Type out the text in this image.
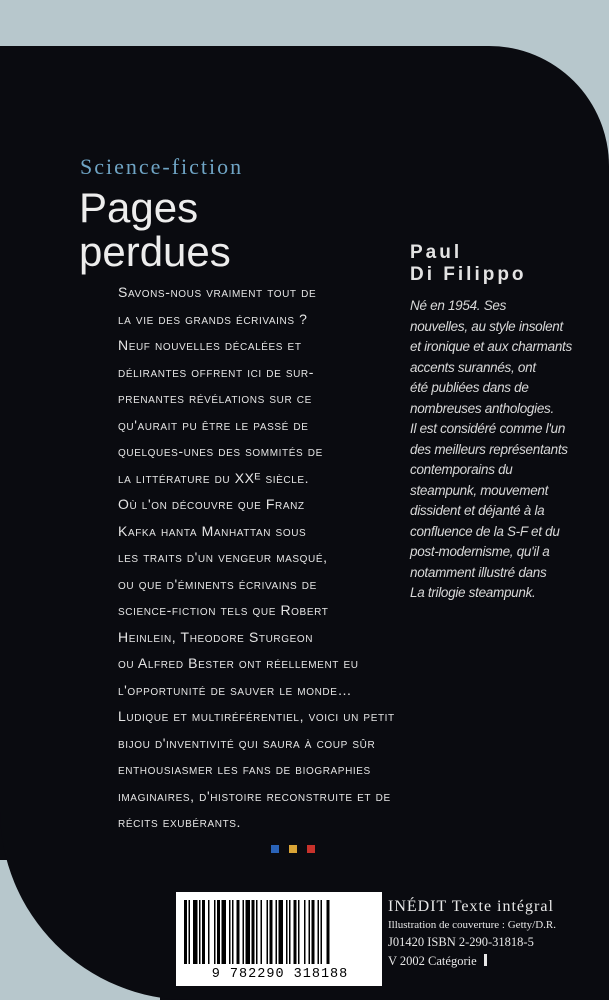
Science-fiction
Pages
perdues	Paul
Di Filippo
Né en 1954. Ses
nouvelles, au style insolent
et ironique et aux charmants
accents surannés, ont
été publiées dans de
nombreuses anthologies.
Il est considéré comme l'un
des meilleurs représentants
contemporains du
steampunk, mouvement
dissident et déjanté à la
confluence de la S-F et du
post-modernisme, qu'il a
notamment illustré dans
La trilogie steampunk.
Savons-nous vraiment tout de
la vie des grands écrivains ?
Neuf nouvelles décalées et
délirantes offrent ici de sur-
prenantes révélations sur ce
qu'aurait pu être le passé de
quelques-unes des sommités de
la littérature du XXᴱ siècle.
Où l'on découvre que Franz
Kafka hanta Manhattan sous
les traits d'un vengeur masqué,
ou que d'éminents écrivains de
science-fiction tels que Robert
Heinlein, Theodore Sturgeon
ou Alfred Bester ont réellement eu
l'opportunité de sauver le monde…
Ludique et multiréférentiel, voici un petit
bijou d'inventivité qui saura à coup sûr
enthousiasmer les fans de biographies
imaginaires, d'histoire reconstruite et de
récits exubérants.
9 782290 318188
INÉDIT Texte intégral
Illustration de couverture : Getty/D.R.
J01420 ISBN 2-290-31818-5
V 2002 Catégorie
